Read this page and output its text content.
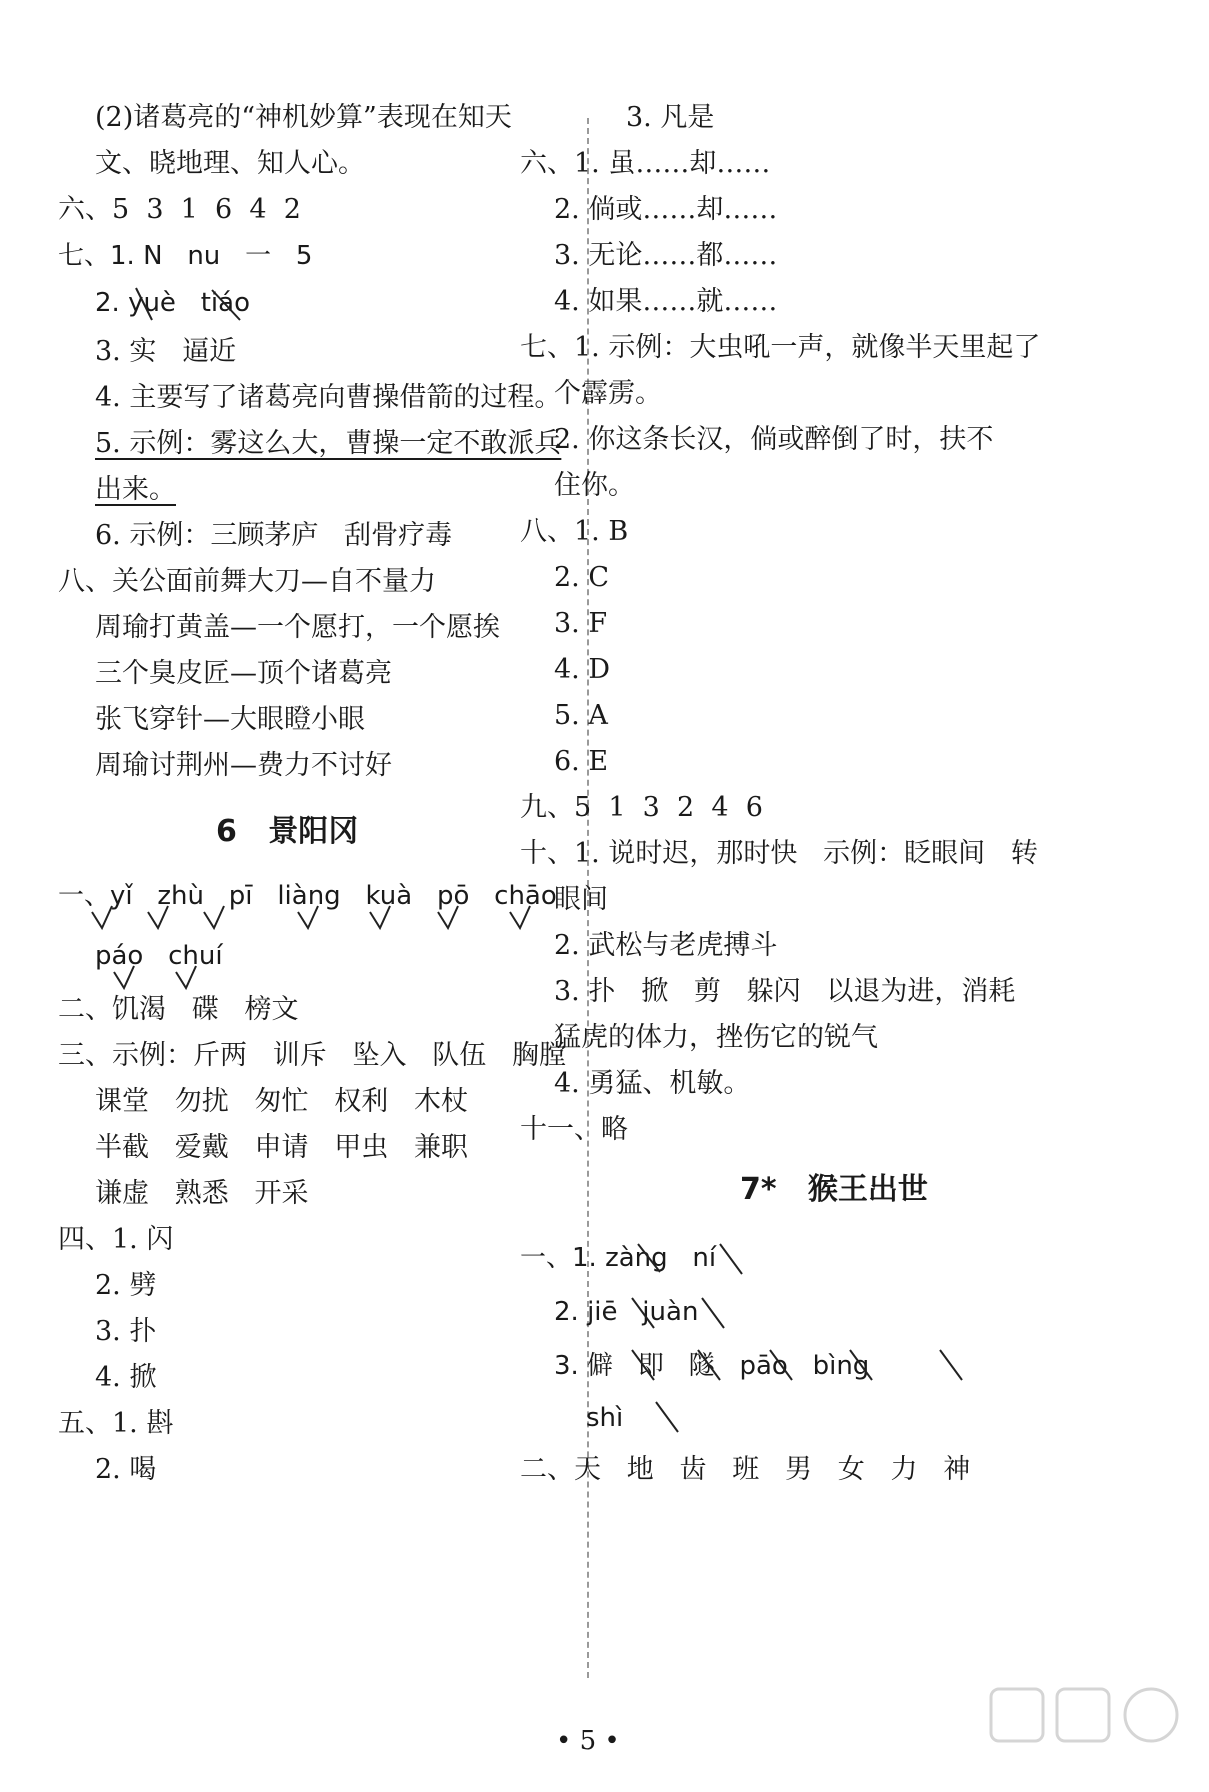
(2)诸葛亮的“神机妙算”表现在知天
文、晓地理、知人心。
六、5  3  1  6  4  2
七、1. N   nu   一   5
2. yuè   tiáo
3. 实   逼近
4. 主要写了诸葛亮向曹操借箭的过程。
5. 示例：雾这么大，曹操一定不敢派兵
出来。
6. 示例：三顾茅庐   刮骨疗毒
八、关公面前舞大刀—自不量力
周瑜打黄盖—一个愿打，一个愿挨
三个臭皮匠—顶个诸葛亮
张飞穿针—大眼瞪小眼
周瑜讨荆州—费力不讨好
6   景阳冈
一、yǐ   zhù   pī   liàng   kuà   pō   chāo
páo   chuí
二、饥渴   碟   榜文
三、示例：斤两   训斥   坠入   队伍   胸膛
课堂   勿扰   匆忙   权利   木杖
半截   爱戴   申请   甲虫   兼职
谦虚   熟悉   开采
四、1. 闪
2. 劈
3. 扑
4. 掀
五、1. 斟
2. 喝
3. 凡是
六、1. 虽……却……
2. 倘或……却……
3. 无论……都……
4. 如果……就……
七、1. 示例：大虫吼一声，就像半天里起了
个霹雳。
2. 你这条长汉，倘或醉倒了时，扶不
住你。
八、1. B
2. C
3. F
4. D
5. A
6. E
九、5  1  3  2  4  6
十、1. 说时迟，那时快   示例：眨眼间   转
眼间
2. 武松与老虎搏斗
3. 扑   掀   剪   躲闪   以退为进，消耗
猛虎的体力，挫伤它的锐气
4. 勇猛、机敏。
十一、略
7*   猴王出世
一、1. zàng   ní
2. jiē   juàn
3. 僻   即   隧   pāo   bìng
shì
二、天   地   齿   班   男   女   力   神
• 5 •
